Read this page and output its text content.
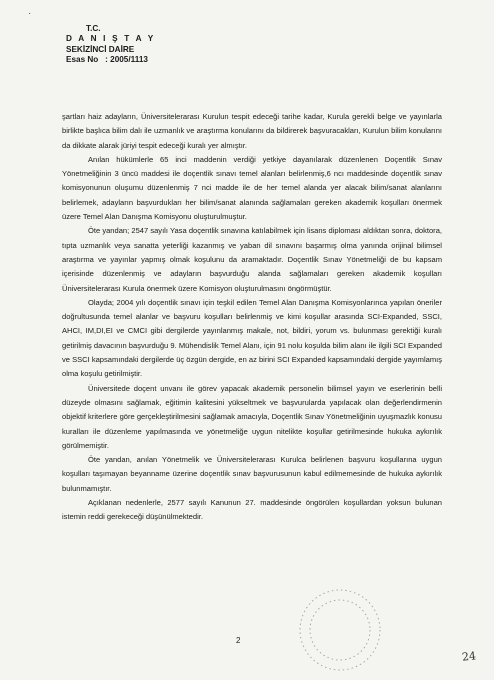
·
T.C.
D A N I Ş T A Y
SEKİZİNCİ DAİRE
Esas No   : 2005/1113

şartları haiz adayların, Üniversitelerarası Kurulun tespit edeceği tarihe kadar, Kurula gerekli belge ve yayınlarla birlikte başlıca bilim dalı ile uzmanlık ve araştırma konularını da bildirerek başvuracakları, Kurulun bilim konularını da dikkate alarak jüriyi tespit edeceği kuralı yer almıştır.

Anılan hükümlerle 65 inci maddenin verdiği yetkiye dayanılarak düzenlenen Doçentlik Sınav Yönetmeliğinin 3 üncü maddesi ile doçentlik sınavı temel alanları belirlenmiş,6 ncı maddesinde doçentlik sınav komisyonunun oluşumu düzenlenmiş 7 nci madde ile de her temel alanda yer alacak bilim/sanat alanlarını belirlemek, adayların başvurdukları her bilim/sanat alanında sağlamaları gereken akademik koşulları önermek üzere Temel Alan Danışma Komisyonu oluşturulmuştur.

Öte yandan; 2547 sayılı Yasa doçentlik sınavına katılabilmek için lisans diploması aldıktan sonra, doktora, tıpta uzmanlık veya sanatta yeterliği kazanmış ve yaban dil sınavını başarmış olma yanında orijinal bilimsel araştırma ve yayınlar yapmış olmak koşulunu da aramaktadır. Doçentlik Sınav Yönetmeliği de bu kapsam içerisinde düzenlenmiş ve adayların başvurduğu alanda sağlamaları gereken akademik koşulları Üniversitelerarası Kurula önermek üzere Komisyon oluşturulmasını öngörmüştür.

Olayda; 2004 yılı doçentlik sınavı için teşkil edilen Temel Alan Danışma Komisyonlarınca yapılan öneriler doğrultusunda temel alanlar ve başvuru koşulları belirlenmiş ve kimi koşullar arasında SCI-Expanded, SSCI, AHCI, IM,DI,EI ve CMCI gibi dergilerde yayınlanmış makale, not, bildiri, yorum vs. bulunması gerektiği kuralı getirilmiş davacının başvurduğu 9. Mühendislik Temel Alanı, için 91 nolu koşulda bilim alanı ile ilgili SCI Expanded ve SSCI kapsamındaki dergilerde üç özgün dergide, en az birini SCI Expanded kapsamındaki dergide yayımlamış olma koşulu getirilmiştir.

Üniversitede doçent unvanı ile görev yapacak akademik personelin bilimsel yayın ve eserlerinin belli düzeyde olmasını sağlamak, eğitimin kalitesini yükseltmek ve başvurularda yapılacak olan değerlendirmenin objektif kriterlere göre gerçekleştirilmesini sağlamak amacıyla, Doçentlik Sınav Yönetmeliğinin uyuşmazlık konusu kuralları ile düzenleme yapılmasında ve yönetmeliğe uygun nitelikte koşullar getirilmesinde hukuka aykırılık görülmemiştir.

Öte yandan, anılan Yönetmelik ve Üniversitelerarası Kurulca belirlenen başvuru koşullarına uygun koşulları taşımayan beyanname üzerine doçentlik sınav başvurusunun kabul edilmemesinde de hukuka aykırılık bulunmamıştır.

Açıklanan nedenlerle, 2577 sayılı Kanunun 27. maddesinde öngörülen koşullardan yoksun bulunan istemin reddi gerekeceği düşünülmektedir.

2
24
